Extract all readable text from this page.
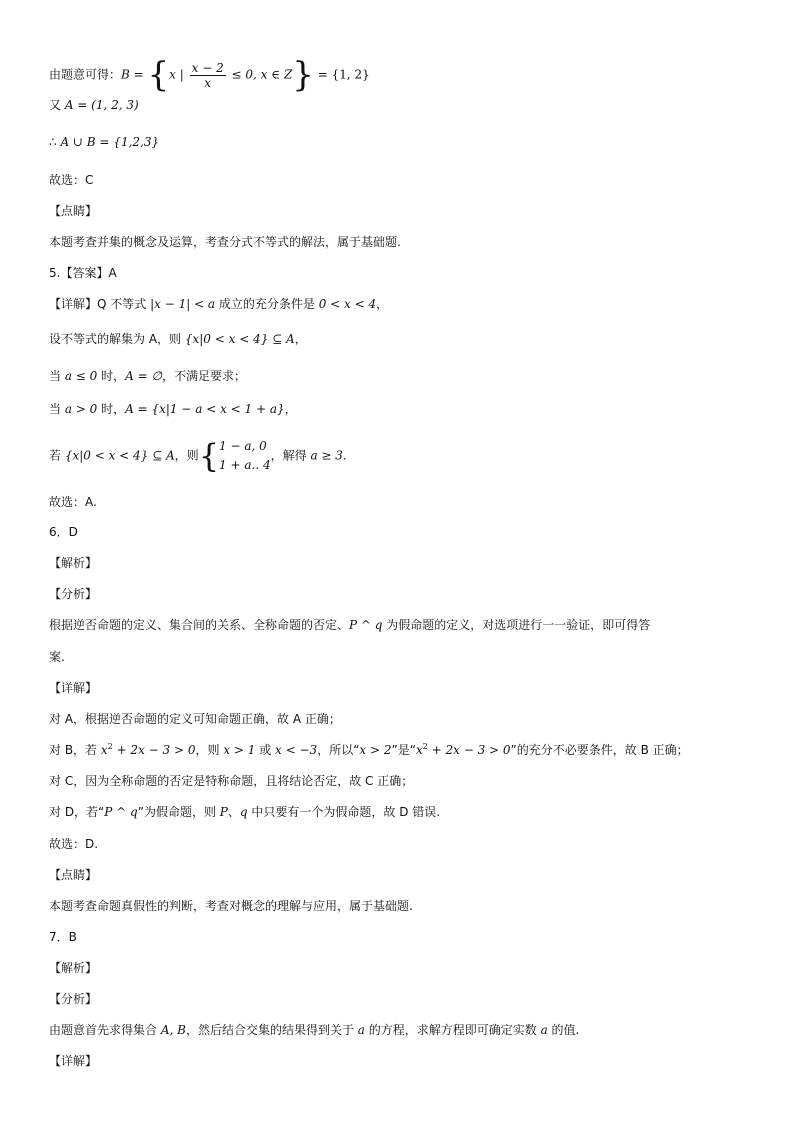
由题意可得：B = {x | $\frac{x - 2}{x} \le 0$, x ∈ Z} = {1, 2}
又 A = (1, 2, 3)
∴ A ∪ B = {1,2,3}
故选：C
【点睛】
本题考查并集的概念及运算，考查分式不等式的解法，属于基础题.
5.【答案】A
【详解】Q 不等式 |x − 1| < a 成立的充分条件是 0 < x < 4，
设不等式的解集为 A，则 {x|0 < x < 4} ⊆ A，
当 a ≤ 0 时，A = ∅，不满足要求；
当 a > 0 时，A = {x|1 − a < x < 1 + a}，
若 {x|0 < x < 4} ⊆ A，则{ 1 − a, 0
1 + a.. 4
，解得 a ≥ 3.
故选：A.
6．D
【解析】
【分析】
根据逆否命题的定义、集合间的关系、全称命题的否定、P ^ q 为假命题的定义，对选项进行一一验证，即可得答
案.
【详解】
对 A，根据逆否命题的定义可知命题正确，故 A 正确；
对 B，若 $x^2 + 2x - 3 > 0$，则 x > 1 或 x < −3，所以“x > 2”是“$x^2 + 2x - 3 > 0$”的充分不必要条件，故 B 正确；
对 C，因为全称命题的否定是特称命题，且将结论否定，故 C 正确；
对 D，若“P ^ q”为假命题，则 P、q 中只要有一个为假命题，故 D 错误.
故选：D.
【点睛】
本题考查命题真假性的判断，考查对概念的理解与应用，属于基础题.
7．B
【解析】
【分析】
由题意首先求得集合 A, B，然后结合交集的结果得到关于 a 的方程，求解方程即可确定实数 a 的值.
【详解】
